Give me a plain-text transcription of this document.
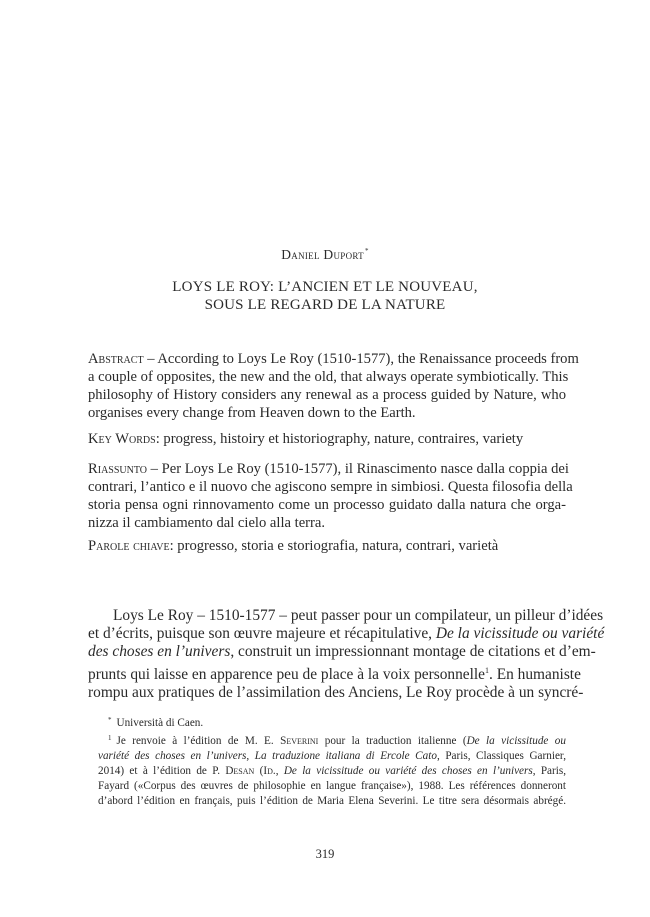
Daniel Duport*
LOYS LE ROY: L’ANCIEN ET LE NOUVEAU,
SOUS LE REGARD DE LA NATURE
Abstract – According to Loys Le Roy (1510-1577), the Renaissance proceeds from
a couple of opposites, the new and the old, that always operate symbiotically. This
philosophy of History considers any renewal as a process guided by Nature, who
organises every change from Heaven down to the Earth.
Key Words: progress, histoiry et historiography, nature, contraires, variety
Riassunto – Per Loys Le Roy (1510-1577), il Rinascimento nasce dalla coppia dei
contrari, l’antico e il nuovo che agiscono sempre in simbiosi. Questa filosofia della
storia pensa ogni rinnovamento come un processo guidato dalla natura che orga-
nizza il cambiamento dal cielo alla terra.
Parole chiave: progresso, storia e storiografia, natura, contrari, varietà
Loys Le Roy – 1510-1577 – peut passer pour un compilateur, un pilleur d’idées
et d’écrits, puisque son œuvre majeure et récapitulative, De la vicissitude ou variété
des choses en l’univers, construit un impressionnant montage de citations et d’em-
prunts qui laisse en apparence peu de place à la voix personnelle$^1$. En humaniste
rompu aux pratiques de l’assimilation des Anciens, Le Roy procède à un syncré-
* Università di Caen.
$^1$ Je renvoie à l’édition de M. E. Severini pour la traduction italienne (De la vicissitude ou
variété des choses en l’univers, La traduzione italiana di Ercole Cato, Paris, Classiques Garnier,
2014) et à l’édition de P. Desan (Id., De la vicissitude ou variété des choses en l’univers, Paris,
Fayard («Corpus des œuvres de philosophie en langue française»), 1988. Les références donneront
d’abord l’édition en français, puis l’édition de Maria Elena Severini. Le titre sera désormais abrégé.
319
